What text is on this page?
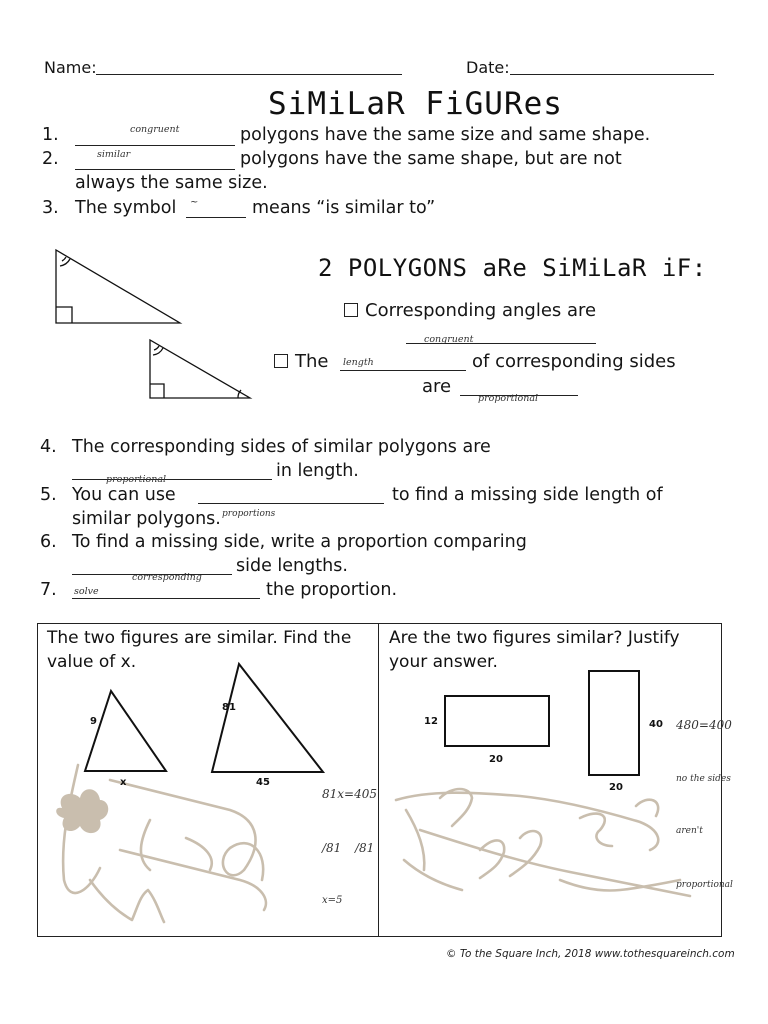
Name:	Date:
SiMiLaR FiGURes
1.	congruent	polygons have the same size and same shape.
2.	similar	polygons have the same shape, but are not
always the same size.
3. The symbol ~	means “is similar to”
2 POLYGONS aRe SiMiLaR iF:
Corresponding angles are
congruent
The length	of corresponding sides
are
proportional
4. The corresponding sides of similar polygons are
proportional	in length.
5. You can use	to find a missing side length of
similar polygons. proportions
6. To find a missing side, write a proportion comparing
side lengths.
corresponding
7. solve	the proportion.
The two figures are similar. Find the
value of x.
9
x
81
45
81x=405
/81 /81
x=5
Are the two figures similar? Justify
your answer.
12
20
40
20
480=400
no the sides
aren't
proportional
© To the Square Inch, 2018 www.tothesquareinch.com
